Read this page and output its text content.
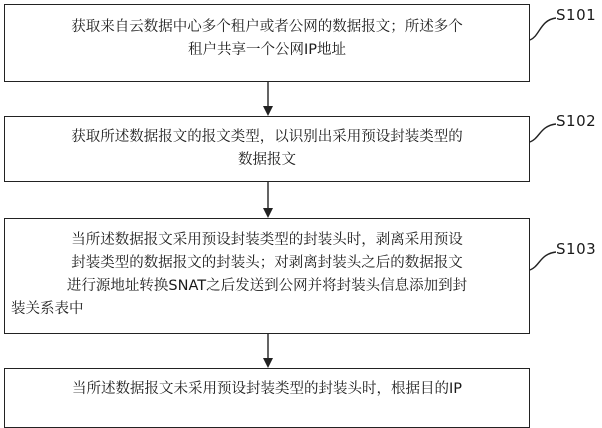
获取来自云数据中心多个租户或者公网的数据报文；所述多个
租户共享一个公网IP地址
S101
获取所述数据报文的报文类型，以识别出采用预设封装类型的
数据报文
S102
当所述数据报文采用预设封装类型的封装头时，剥离采用预设
封装类型的数据报文的封装头；对剥离封装头之后的数据报文
进行源地址转换SNAT之后发送到公网并将封装头信息添加到封
装关系表中
S103
当所述数据报文未采用预设封装类型的封装头时，根据目的IP
